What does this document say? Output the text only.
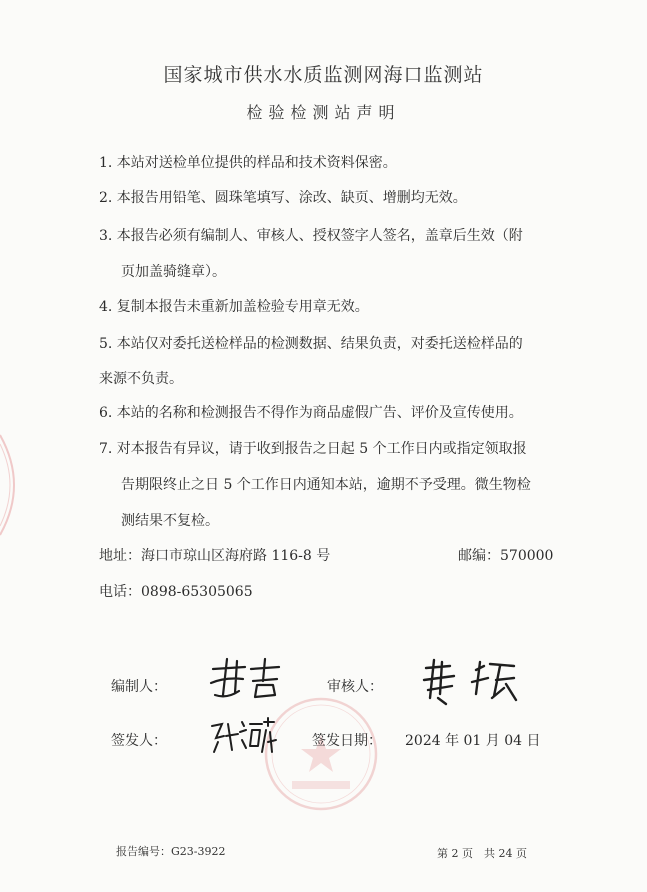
国家城市供水水质监测网海口监测站
检验检测站声明
1. 本站对送检单位提供的样品和技术资料保密。
2. 本报告用铅笔、圆珠笔填写、涂改、缺页、增删均无效。
3. 本报告必须有编制人、审核人、授权签字人签名，盖章后生效（附
页加盖骑缝章）。
4. 复制本报告未重新加盖检验专用章无效。
5. 本站仅对委托送检样品的检测数据、结果负责，对委托送检样品的
来源不负责。
6. 本站的名称和检测报告不得作为商品虚假广告、评价及宣传使用。
7. 对本报告有异议，请于收到报告之日起 5 个工作日内或指定领取报
告期限终止之日 5 个工作日内通知本站，逾期不予受理。微生物检
测结果不复检。
地址：海口市琼山区海府路 116-8 号	邮编：570000
电话：0898-65305065
编制人：	审核人：
签发人：	签发日期： 2024 年 01 月 04 日
报告编号：G23-3922	第 2 页　共 24 页
